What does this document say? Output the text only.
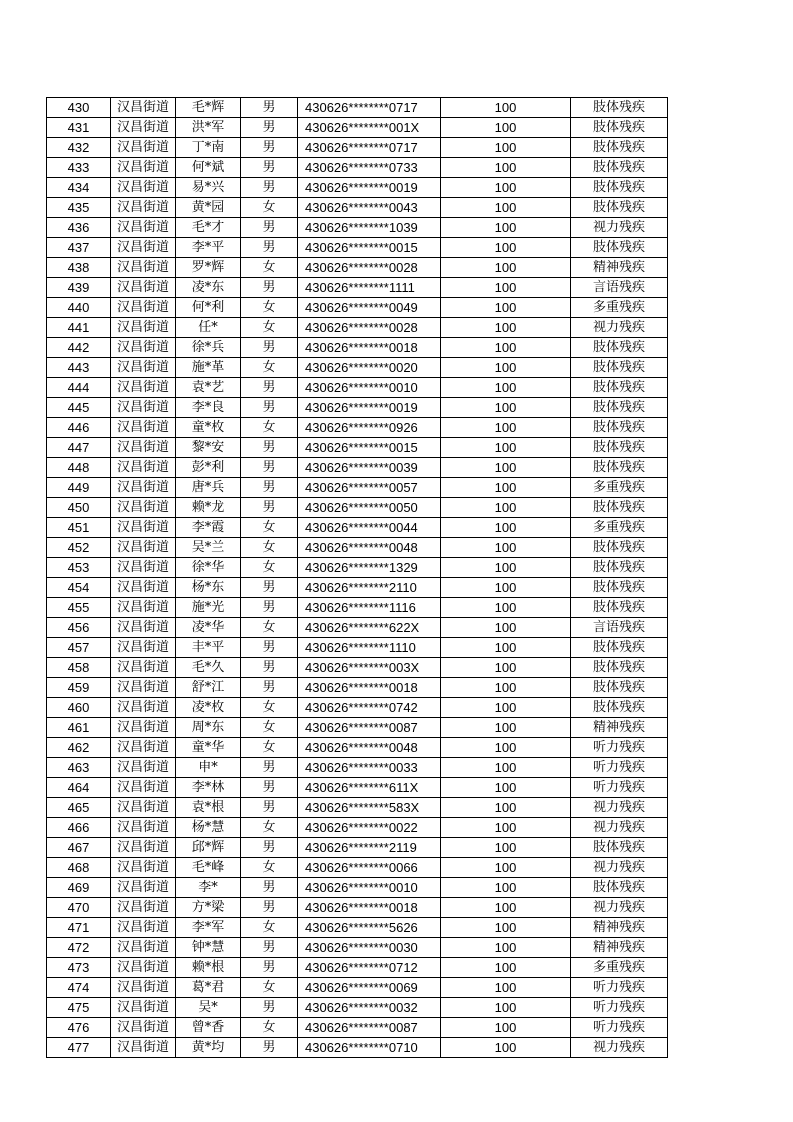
430	汉昌街道	毛*辉	男	430626********0717	100	肢体残疾
431	汉昌街道	洪*军	男	430626********001X	100	肢体残疾
432	汉昌街道	丁*南	男	430626********0717	100	肢体残疾
433	汉昌街道	何*斌	男	430626********0733	100	肢体残疾
434	汉昌街道	易*兴	男	430626********0019	100	肢体残疾
435	汉昌街道	黄*园	女	430626********0043	100	肢体残疾
436	汉昌街道	毛*才	男	430626********1039	100	视力残疾
437	汉昌街道	李*平	男	430626********0015	100	肢体残疾
438	汉昌街道	罗*辉	女	430626********0028	100	精神残疾
439	汉昌街道	凌*东	男	430626********1111	100	言语残疾
440	汉昌街道	何*利	女	430626********0049	100	多重残疾
441	汉昌街道	任*	女	430626********0028	100	视力残疾
442	汉昌街道	徐*兵	男	430626********0018	100	肢体残疾
443	汉昌街道	施*革	女	430626********0020	100	肢体残疾
444	汉昌街道	袁*艺	男	430626********0010	100	肢体残疾
445	汉昌街道	李*良	男	430626********0019	100	肢体残疾
446	汉昌街道	童*枚	女	430626********0926	100	肢体残疾
447	汉昌街道	黎*安	男	430626********0015	100	肢体残疾
448	汉昌街道	彭*利	男	430626********0039	100	肢体残疾
449	汉昌街道	唐*兵	男	430626********0057	100	多重残疾
450	汉昌街道	赖*龙	男	430626********0050	100	肢体残疾
451	汉昌街道	李*霞	女	430626********0044	100	多重残疾
452	汉昌街道	吴*兰	女	430626********0048	100	肢体残疾
453	汉昌街道	徐*华	女	430626********1329	100	肢体残疾
454	汉昌街道	杨*东	男	430626********2110	100	肢体残疾
455	汉昌街道	施*光	男	430626********1116	100	肢体残疾
456	汉昌街道	凌*华	女	430626********622X	100	言语残疾
457	汉昌街道	丰*平	男	430626********1110	100	肢体残疾
458	汉昌街道	毛*久	男	430626********003X	100	肢体残疾
459	汉昌街道	舒*江	男	430626********0018	100	肢体残疾
460	汉昌街道	凌*枚	女	430626********0742	100	肢体残疾
461	汉昌街道	周*东	女	430626********0087	100	精神残疾
462	汉昌街道	童*华	女	430626********0048	100	听力残疾
463	汉昌街道	申*	男	430626********0033	100	听力残疾
464	汉昌街道	李*林	男	430626********611X	100	听力残疾
465	汉昌街道	袁*根	男	430626********583X	100	视力残疾
466	汉昌街道	杨*慧	女	430626********0022	100	视力残疾
467	汉昌街道	邱*辉	男	430626********2119	100	肢体残疾
468	汉昌街道	毛*峰	女	430626********0066	100	视力残疾
469	汉昌街道	李*	男	430626********0010	100	肢体残疾
470	汉昌街道	方*梁	男	430626********0018	100	视力残疾
471	汉昌街道	李*军	女	430626********5626	100	精神残疾
472	汉昌街道	钟*慧	男	430626********0030	100	精神残疾
473	汉昌街道	赖*根	男	430626********0712	100	多重残疾
474	汉昌街道	葛*君	女	430626********0069	100	听力残疾
475	汉昌街道	吴*	男	430626********0032	100	听力残疾
476	汉昌街道	曾*香	女	430626********0087	100	听力残疾
477	汉昌街道	黄*均	男	430626********0710	100	视力残疾
